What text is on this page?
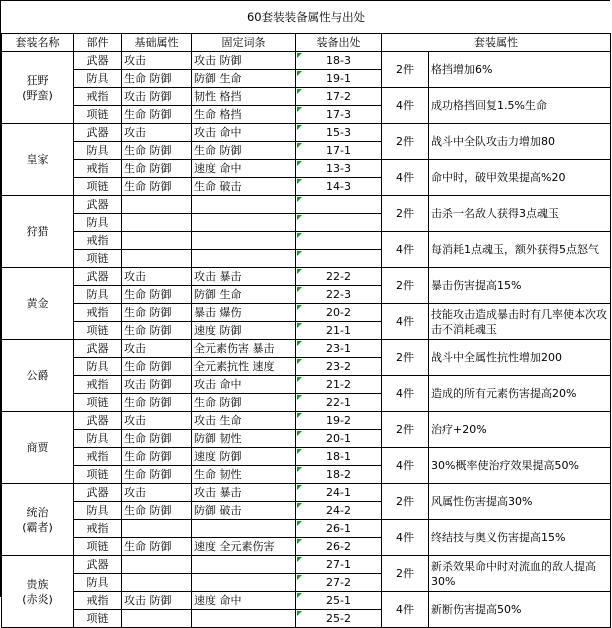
60套装装备属性与出处						
套装名称	部件	基础属性	固定词条	装备出处	套装属性	

狂野
(野蛮)	武器	攻击	攻击 防御	18-3	2件	格挡增加6%
	防具	生命 防御	防御 生命	19-1		
	戒指	攻击 防御	韧性 格挡	17-2	4件	成功格挡回复1.5%生命
	项链	生命 防御	生命 格挡	17-3		

皇家	武器	攻击	攻击 命中	15-3	2件	战斗中全队攻击力增加80
	防具	生命 防御	生命 防御	17-1		
	戒指	生命 防御	速度 命中	13-3	4件	命中时，破甲效果提高%20
	项链	生命 防御	生命 破击	14-3		

狩猎	武器				2件	击杀一名敌人获得3点魂玉
	防具					
	戒指				4件	每消耗1点魂玉，额外获得5点怒气
	项链					

黄金	武器	攻击	攻击 暴击	22-2	2件	暴击伤害提高15%
	防具	生命 防御	防御 生命	22-3		
	戒指	生命 防御	暴击 爆伤	20-2	4件	技能攻击造成暴击时有几率使本次攻击不消耗魂玉
	项链	生命 防御	速度 防御	21-1		

公爵	武器	攻击	全元素伤害 暴击	23-1	2件	战斗中全属性抗性增加200
	防具	生命 防御	全元素抗性 速度	23-2		
	戒指	攻击 防御	攻击 命中	21-2	4件	造成的所有元素伤害提高20%
	项链	生命 防御	生命 防御	22-1		

商贾	武器	攻击	攻击 生命	19-2	2件	治疗+20%
	防具	生命 防御	防御 韧性	20-1		
	戒指	生命 防御	速度 防御	18-1	4件	30%概率使治疗效果提高50%
	项链	生命 防御	生命 韧性	18-2		

统治
(霸者)	武器	攻击	攻击 暴击	24-1	2件	风属性伤害提高30%
	防具	生命 防御	防御 破击	24-2		
	戒指			26-1	4件	终结技与奥义伤害提高15%
	项链	生命 防御	速度 全元素伤害	26-2		

贵族
(赤炎)	武器			27-1	2件	新杀效果命中时对流血的敌人提高30%
	防具			27-2		
	戒指	攻击 防御	速度 命中	25-1	4件	新断伤害提高50%
	项链			25-2		
